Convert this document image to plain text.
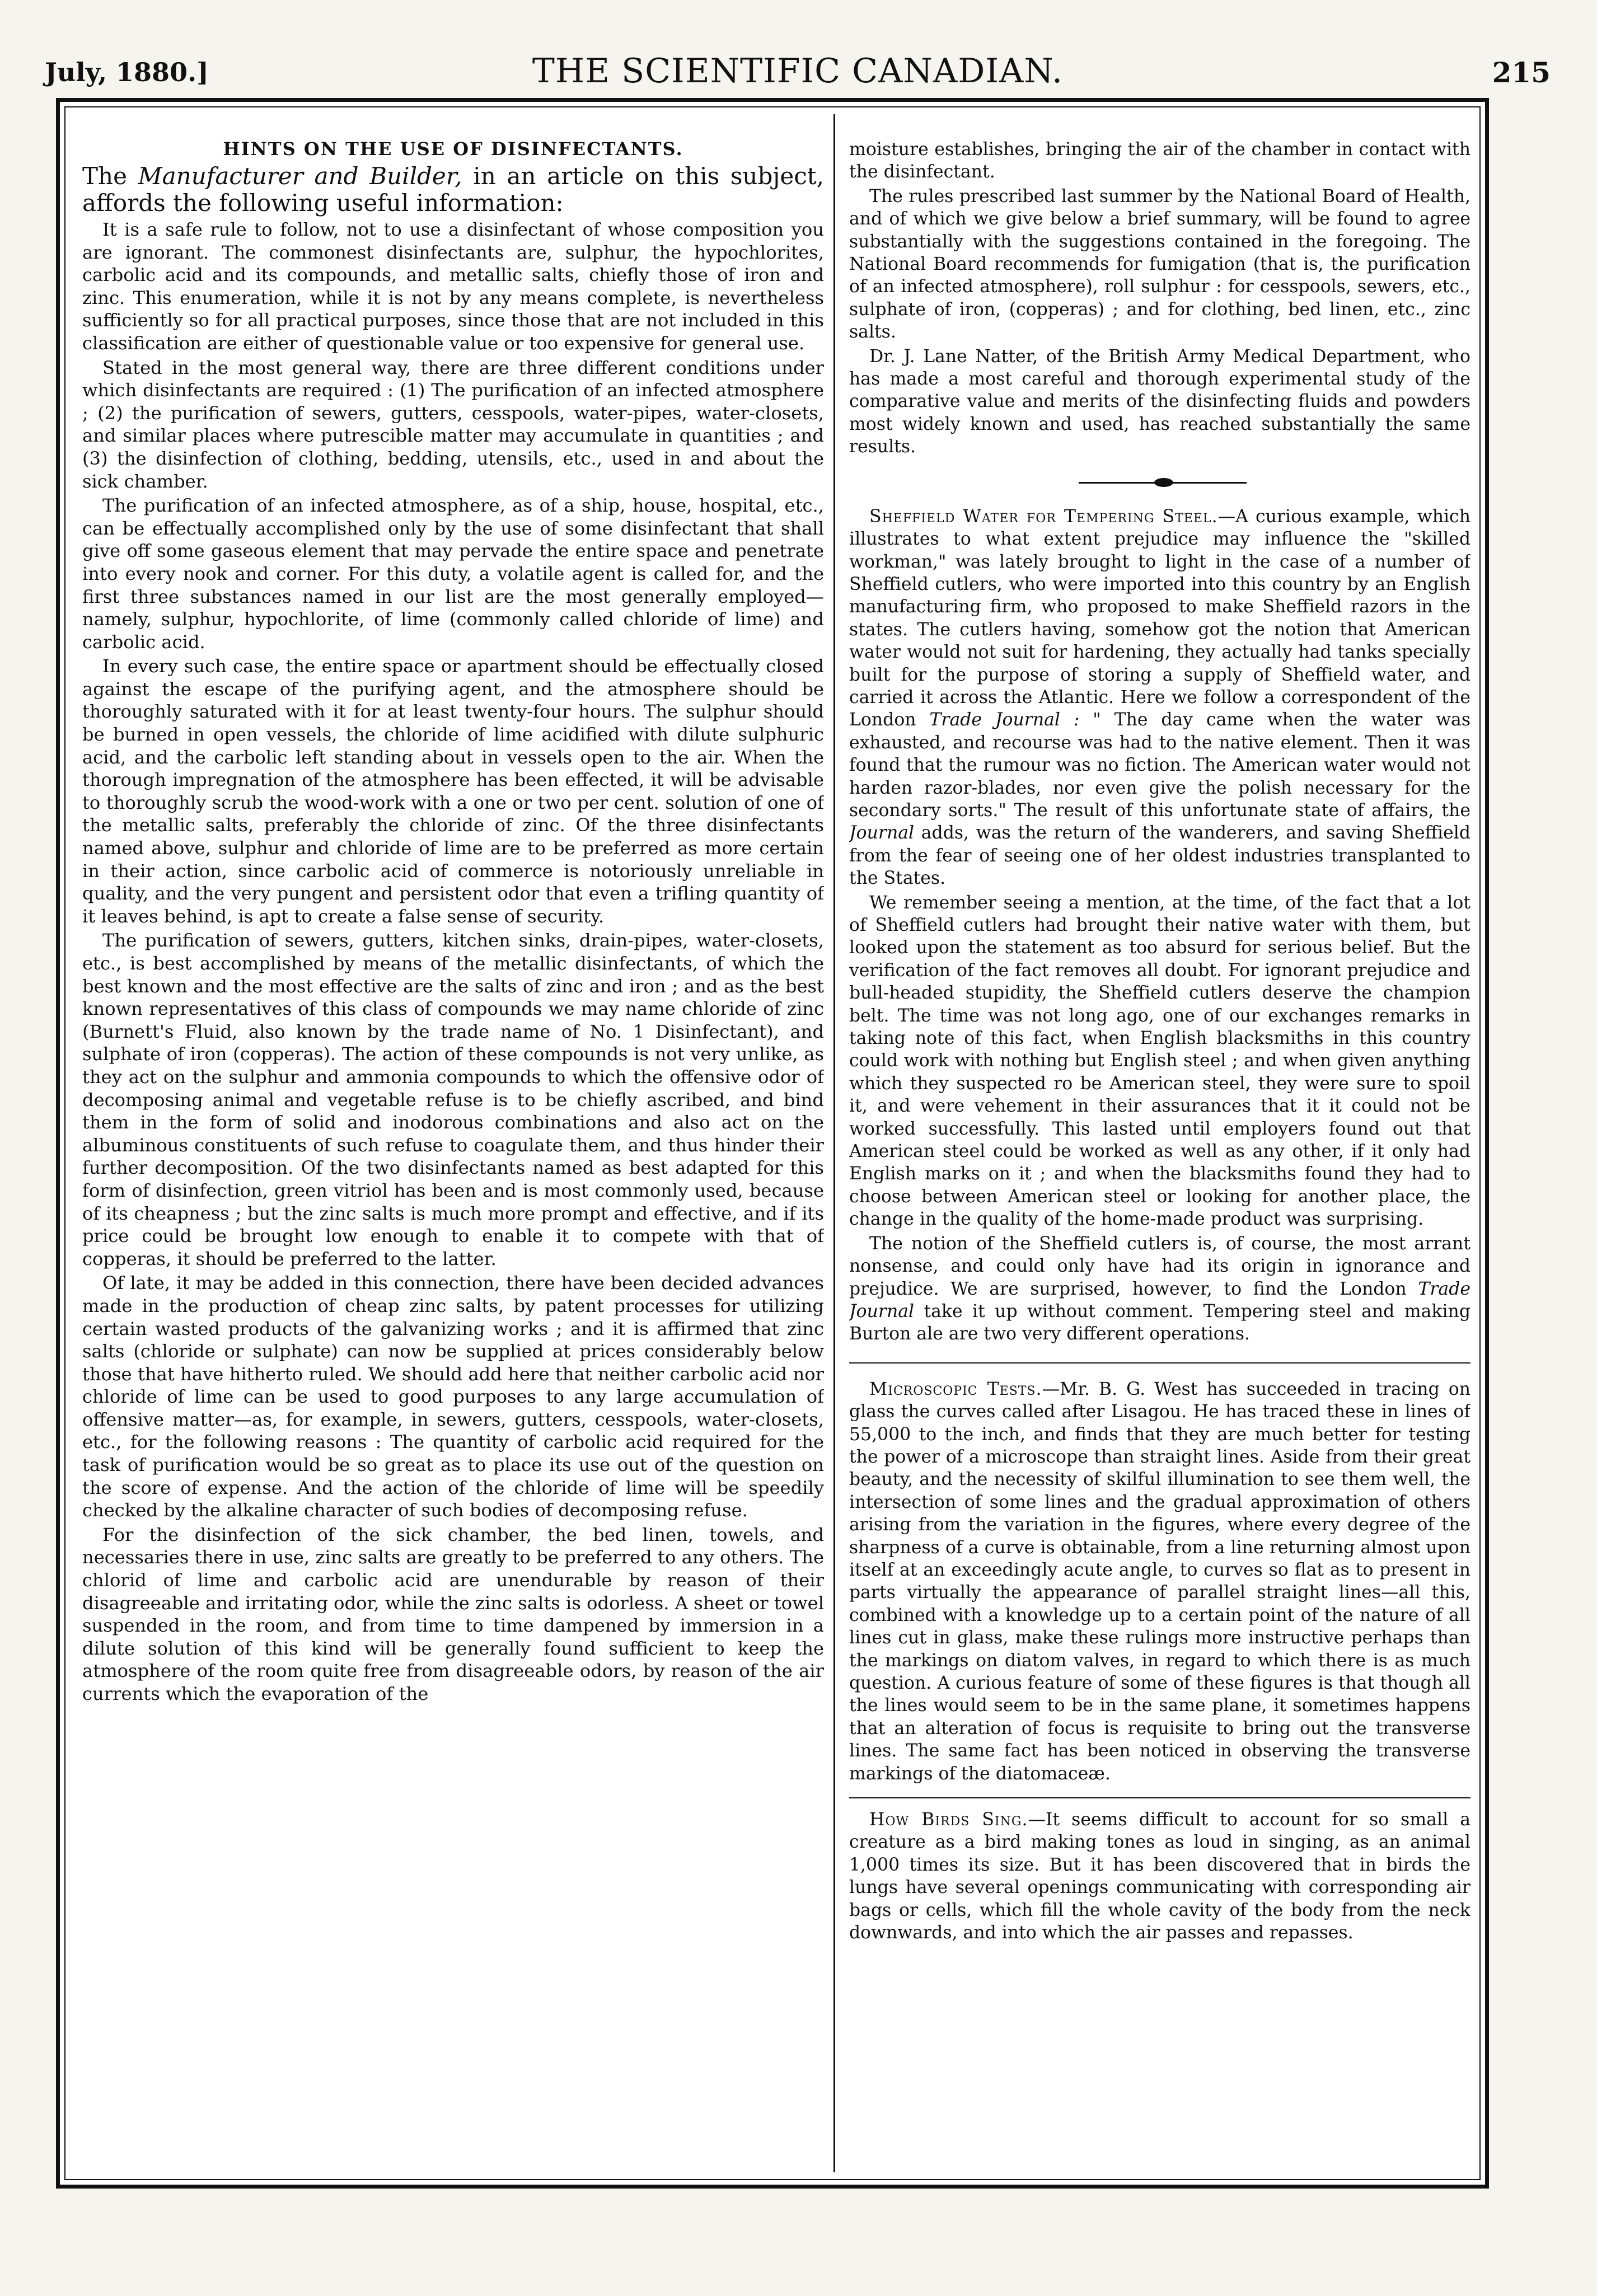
July, 1880.]	THE SCIENTIFIC CANADIAN.	215
HINTS ON THE USE OF DISINFECTANTS.

The Manufacturer and Builder, in an article on this subject, affords the following useful information:

It is a safe rule to follow, not to use a disinfectant of whose composition you are ignorant. The commonest disinfectants are, sulphur, the hypochlorites, carbolic acid and its compounds, and metallic salts, chiefly those of iron and zinc. This enumeration, while it is not by any means complete, is nevertheless sufficiently so for all practical purposes, since those that are not included in this classification are either of questionable value or too expensive for general use.

Stated in the most general way, there are three different conditions under which disinfectants are required : (1) The purification of an infected atmosphere ; (2) the purification of sewers, gutters, cesspools, water-pipes, water-closets, and similar places where putrescible matter may accumulate in quantities ; and (3) the disinfection of clothing, bedding, utensils, etc., used in and about the sick chamber.

The purification of an infected atmosphere, as of a ship, house, hospital, etc., can be effectually accomplished only by the use of some disinfectant that shall give off some gaseous element that may pervade the entire space and penetrate into every nook and corner. For this duty, a volatile agent is called for, and the first three substances named in our list are the most generally employed—namely, sulphur, hypochlorite, of lime (commonly called chloride of lime) and carbolic acid.

In every such case, the entire space or apartment should be effectually closed against the escape of the purifying agent, and the atmosphere should be thoroughly saturated with it for at least twenty-four hours. The sulphur should be burned in open vessels, the chloride of lime acidified with dilute sulphuric acid, and the carbolic left standing about in vessels open to the air. When the thorough impregnation of the atmosphere has been effected, it will be advisable to thoroughly scrub the wood-work with a one or two per cent. solution of one of the metallic salts, preferably the chloride of zinc. Of the three disinfectants named above, sulphur and chloride of lime are to be preferred as more certain in their action, since carbolic acid of commerce is notoriously unreliable in quality, and the very pungent and persistent odor that even a trifling quantity of it leaves behind, is apt to create a false sense of security.

The purification of sewers, gutters, kitchen sinks, drain-pipes, water-closets, etc., is best accomplished by means of the metallic disinfectants, of which the best known and the most effective are the salts of zinc and iron ; and as the best known representatives of this class of compounds we may name chloride of zinc (Burnett's Fluid, also known by the trade name of No. 1 Disinfectant), and sulphate of iron (copperas). The action of these compounds is not very unlike, as they act on the sulphur and ammonia compounds to which the offensive odor of decomposing animal and vegetable refuse is to be chiefly ascribed, and bind them in the form of solid and inodorous combinations and also act on the albuminous constituents of such refuse to coagulate them, and thus hinder their further decomposition. Of the two disinfectants named as best adapted for this form of disinfection, green vitriol has been and is most commonly used, because of its cheapness ; but the zinc salts is much more prompt and effective, and if its price could be brought low enough to enable it to compete with that of copperas, it should be preferred to the latter.

Of late, it may be added in this connection, there have been decided advances made in the production of cheap zinc salts, by patent processes for utilizing certain wasted products of the galvanizing works ; and it is affirmed that zinc salts (chloride or sulphate) can now be supplied at prices considerably below those that have hitherto ruled. We should add here that neither carbolic acid nor chloride of lime can be used to good purposes to any large accumulation of offensive matter—as, for example, in sewers, gutters, cesspools, water-closets, etc., for the following reasons : The quantity of carbolic acid required for the task of purification would be so great as to place its use out of the question on the score of expense. And the action of the chloride of lime will be speedily checked by the alkaline character of such bodies of decomposing refuse.

For the disinfection of the sick chamber, the bed linen, towels, and necessaries there in use, zinc salts are greatly to be preferred to any others. The chlorid of lime and carbolic acid are unendurable by reason of their disagreeable and irritating odor, while the zinc salts is odorless. A sheet or towel suspended in the room, and from time to time dampened by immersion in a dilute solution of this kind will be generally found sufficient to keep the atmosphere of the room quite free from disagreeable odors, by reason of the air currents which the evaporation of the

moisture establishes, bringing the air of the chamber in contact with the disinfectant.

The rules prescribed last summer by the National Board of Health, and of which we give below a brief summary, will be found to agree substantially with the suggestions contained in the foregoing. The National Board recommends for fumigation (that is, the purification of an infected atmosphere), roll sulphur : for cesspools, sewers, etc., sulphate of iron, (copperas) ; and for clothing, bed linen, etc., zinc salts.

Dr. J. Lane Natter, of the British Army Medical Department, who has made a most careful and thorough experimental study of the comparative value and merits of the disinfecting fluids and powders most widely known and used, has reached substantially the same results.

Sheffield Water for Tempering Steel.—A curious example, which illustrates to what extent prejudice may influence the "skilled workman," was lately brought to light in the case of a number of Sheffield cutlers, who were imported into this country by an English manufacturing firm, who proposed to make Sheffield razors in the states. The cutlers having, somehow got the notion that American water would not suit for hardening, they actually had tanks specially built for the purpose of storing a supply of Sheffield water, and carried it across the Atlantic. Here we follow a correspondent of the London Trade Journal : " The day came when the water was exhausted, and recourse was had to the native element. Then it was found that the rumour was no fiction. The American water would not harden razor-blades, nor even give the polish necessary for the secondary sorts." The result of this unfortunate state of affairs, the Journal adds, was the return of the wanderers, and saving Sheffield from the fear of seeing one of her oldest industries transplanted to the States.

We remember seeing a mention, at the time, of the fact that a lot of Sheffield cutlers had brought their native water with them, but looked upon the statement as too absurd for serious belief. But the verification of the fact removes all doubt. For ignorant prejudice and bull-headed stupidity, the Sheffield cutlers deserve the champion belt. The time was not long ago, one of our exchanges remarks in taking note of this fact, when English blacksmiths in this country could work with nothing but English steel ; and when given anything which they suspected ro be American steel, they were sure to spoil it, and were vehement in their assurances that it it could not be worked successfully. This lasted until employers found out that American steel could be worked as well as any other, if it only had English marks on it ; and when the blacksmiths found they had to choose between American steel or looking for another place, the change in the quality of the home-made product was surprising.

The notion of the Sheffield cutlers is, of course, the most arrant nonsense, and could only have had its origin in ignorance and prejudice. We are surprised, however, to find the London Trade Journal take it up without comment. Tempering steel and making Burton ale are two very different operations.

Microscopic Tests.—Mr. B. G. West has succeeded in tracing on glass the curves called after Lisagou. He has traced these in lines of 55,000 to the inch, and finds that they are much better for testing the power of a microscope than straight lines. Aside from their great beauty, and the necessity of skilful illumination to see them well, the intersection of some lines and the gradual approximation of others arising from the variation in the figures, where every degree of the sharpness of a curve is obtainable, from a line returning almost upon itself at an exceedingly acute angle, to curves so flat as to present in parts virtually the appearance of parallel straight lines—all this, combined with a knowledge up to a certain point of the nature of all lines cut in glass, make these rulings more instructive perhaps than the markings on diatom valves, in regard to which there is as much question. A curious feature of some of these figures is that though all the lines would seem to be in the same plane, it sometimes happens that an alteration of focus is requisite to bring out the transverse lines. The same fact has been noticed in observing the transverse markings of the diatomaceæ.

How Birds Sing.—It seems difficult to account for so small a creature as a bird making tones as loud in singing, as an animal 1,000 times its size. But it has been discovered that in birds the lungs have several openings communicating with corresponding air bags or cells, which fill the whole cavity of the body from the neck downwards, and into which the air passes and repasses.
